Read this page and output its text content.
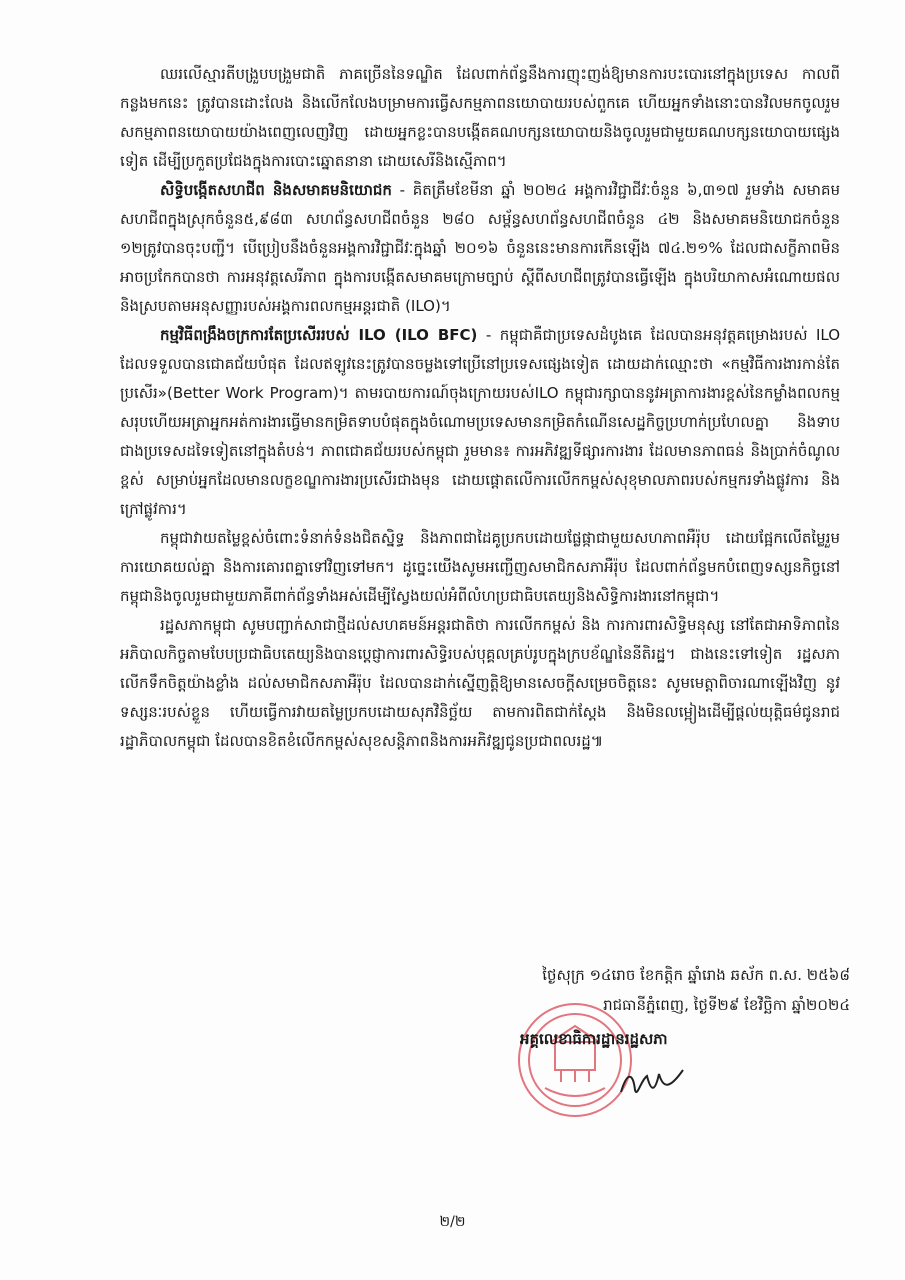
ឈរលើស្មារតីបង្រួបបង្រួមជាតិ ភាគច្រើននៃទណ្ឌិត ដែលពាក់ព័ន្ធនឹងការញុះញង់ឱ្យមានការបះបោរនៅក្នុងប្រទេស កាលពីកន្លងមកនេះ ត្រូវបានដោះលែង និងលើកលែងបម្រាមការធ្វើសកម្មភាពនយោបាយរបស់ពួកគេ ហើយអ្នកទាំងនោះបានវិលមកចូលរួមសកម្មភាពនយោបាយយ៉ាងពេញលេញវិញ ដោយអ្នកខ្លះបានបង្កើតគណបក្សនយោបាយនិងចូលរួមជាមួយគណបក្សនយោបាយផ្សេងទៀត ដើម្បីប្រកួតប្រជែងក្នុងការបោះឆ្នោតនានា ដោយសេរីនិងស្មើភាព។

សិទ្ធិបង្កើតសហជីព និងសមាគមនិយោជក - គិតត្រឹមខែមីនា ឆ្នាំ ២០២៤ អង្គការវិជ្ជាជីវៈចំនួន ៦,៣១៧ រួមទាំង សមាគម សហជីពក្នុងស្រុកចំនួន៥,៩៨៣ សហព័ន្ធសហជីពចំនួន ២៨០ សម្ព័ន្ធសហព័ន្ធសហជីពចំនួន ៤២ និងសមាគមនិយោជកចំនួន ១២ត្រូវបានចុះបញ្ជី។ បើប្រៀបនឹងចំនួនអង្គការវិជ្ជាជីវៈក្នុងឆ្នាំ ២០១៦ ចំនួននេះមានការកើនឡើង ៧៤.២១% ដែលជាសក្ខីភាពមិនអាចប្រកែកបានថា ការអនុវត្តសេរីភាព ក្នុងការបង្កើតសមាគមក្រោមច្បាប់ ស្ដីពីសហជីពត្រូវបានធ្វើឡើង ក្នុងបរិយាកាសអំណោយផលនិងស្របតាមអនុសញ្ញារបស់អង្គការពលកម្មអន្តរជាតិ (ILO)។

កម្មវិធីពង្រឹងចក្រការតែប្រសើររបស់ ILO (ILO BFC) - កម្ពុជាគឺជាប្រទេសដំបូងគេ ដែលបានអនុវត្តគម្រោងរបស់ ILO ដែលទទួលបានជោគជ័យបំផុត ដែលឥឡូវនេះត្រូវបានចម្លងទៅប្រើនៅប្រទេសផ្សេងទៀត ដោយដាក់ឈ្មោះថា «កម្មវិធីការងារកាន់តែប្រសើរ»(Better Work Program)។ តាមរបាយការណ៍ចុងក្រោយរបស់ILO កម្ពុជារក្សាបាននូវអត្រាការងារខ្ពស់នៃកម្លាំងពលកម្មសរុបហើយអត្រាអ្នកអត់ការងារធ្វើមានកម្រិតទាបបំផុតក្នុងចំណោមប្រទេសមានកម្រិតកំណើនសេដ្ឋកិច្ចប្រហាក់ប្រហែលគ្នា និងទាបជាងប្រទេសដទៃទៀតនៅក្នុងតំបន់។ ភាពជោគជ័យរបស់កម្ពុជា រួមមាន៖ ការអភិវឌ្ឍទីផ្សារការងារ ដែលមានភាពធន់ និងប្រាក់ចំណូលខ្ពស់ សម្រាប់អ្នកដែលមានលក្ខខណ្ឌការងារប្រសើរជាងមុន ដោយផ្ដោតលើការលើកកម្ពស់សុខុមាលភាពរបស់កម្មករទាំងផ្លូវការ និងក្រៅផ្លូវការ។

កម្ពុជាវាយតម្លៃខ្ពស់ចំពោះទំនាក់ទំនងជិតស្និទ្ធ និងភាពជាដៃគូប្រកបដោយផ្លែផ្កាជាមួយសហភាពអឺរ៉ុប ដោយផ្អែកលើតម្លៃរួម ការយោគយល់គ្នា និងការគោរពគ្នាទៅវិញទៅមក។ ដូច្នេះយើងសូមអញ្ជើញសមាជិកសភាអឺរ៉ុប ដែលពាក់ព័ន្ធមកបំពេញទស្សនកិច្ចនៅកម្ពុជានិងចូលរួមជាមួយភាគីពាក់ព័ន្ធទាំងអស់ដើម្បីស្វែងយល់អំពីលំហប្រជាធិបតេយ្យនិងសិទ្ធិការងារនៅកម្ពុជា។

រដ្ឋសភាកម្ពុជា សូមបញ្ជាក់សាជាថ្មីដល់សហគមន៍អន្តរជាតិថា ការលើកកម្ពស់ និង ការការពារសិទ្ធិមនុស្ស នៅតែជាអាទិភាពនៃអភិបាលកិច្ចតាមបែបប្រជាធិបតេយ្យនិងបានប្ដេជ្ញាការពារសិទ្ធិរបស់បុគ្គលគ្រប់រូបក្នុងក្របខ័ណ្ឌនៃនីតិរដ្ឋ។ ជាងនេះទៅទៀត រដ្ឋសភាលើកទឹកចិត្តយ៉ាងខ្លាំង ដល់សមាជិកសភាអឺរ៉ុប ដែលបានដាក់ស្នើញត្តិឱ្យមានសេចក្ដីសម្រេចចិត្តនេះ សូមមេត្តាពិចារណាឡើងវិញ នូវទស្សនៈរបស់ខ្លួន ហើយធ្វើការវាយតម្លៃប្រកបដោយសុភវិនិច្ឆ័យ តាមការពិតជាក់ស្ដែង និងមិនលម្អៀងដើម្បីផ្ដល់យុត្តិធម៌ជូនរាជរដ្ឋាភិបាលកម្ពុជា ដែលបានខិតខំលើកកម្ពស់សុខសន្តិភាពនិងការអភិវឌ្ឍជូនប្រជាពលរដ្ឋ៕

ថ្ងៃសុក្រ ១៤រោច ខែកត្តិក ឆ្នាំរោង ឆស័ក ព.ស. ២៥៦៨
រាជធានីភ្នំពេញ, ថ្ងៃទី២៩ ខែវិច្ឆិកា ឆ្នាំ២០២៤
អគ្គលេខាធិការដ្ឋានរដ្ឋសភា
២/២
